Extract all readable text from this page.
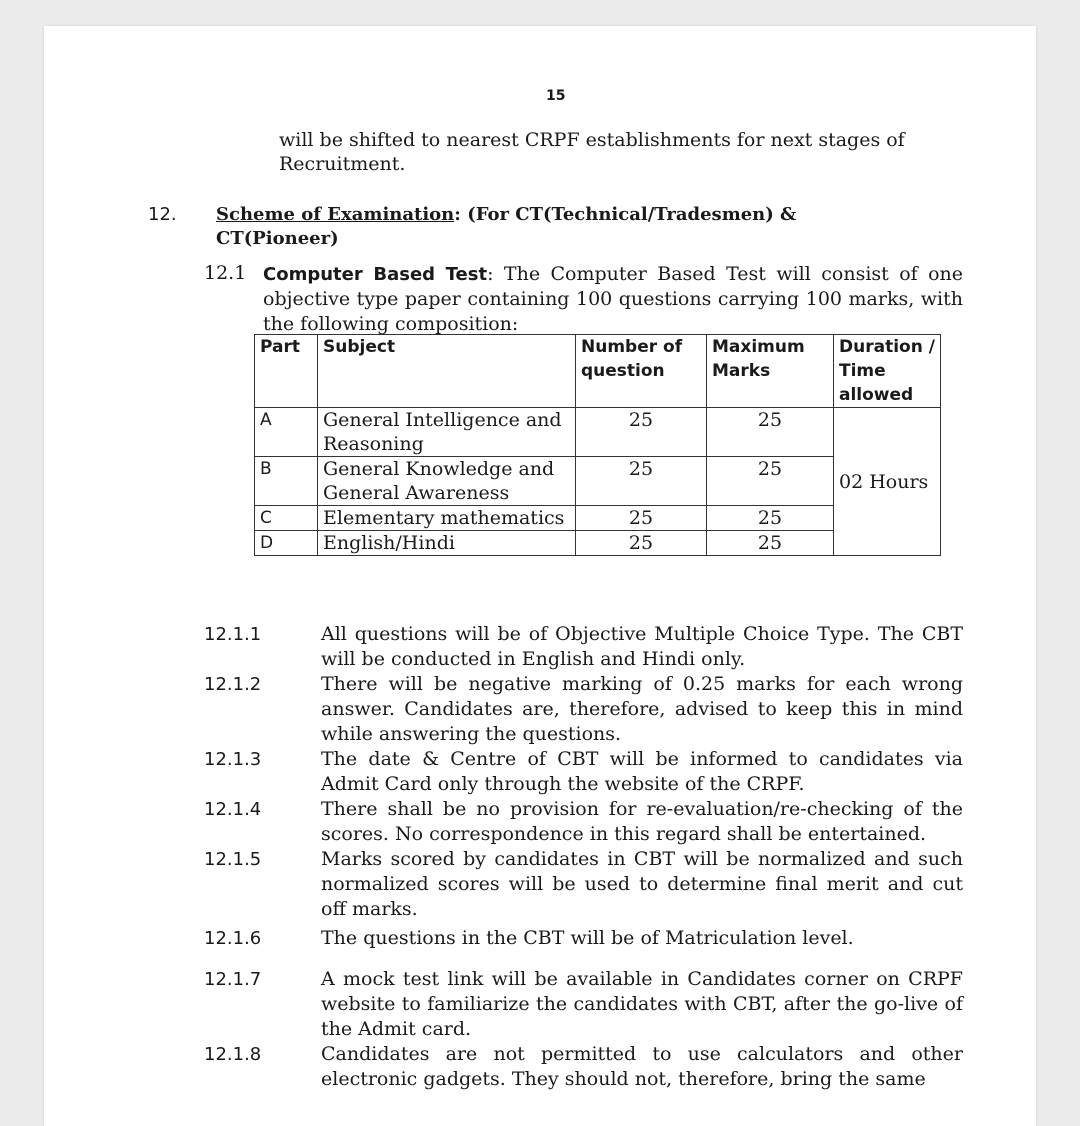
15
will be shifted to nearest CRPF establishments for next stages of Recruitment.
12. Scheme of Examination: (For CT(Technical/Tradesmen) & CT(Pioneer)
12.1 Computer Based Test: The Computer Based Test will consist of one objective type paper containing 100 questions carrying 100 marks, with the following composition:
Part	Subject	Number of question	Maximum Marks	Duration / Time allowed
A	General Intelligence and Reasoning	25	25	02 Hours
B	General Knowledge and General Awareness	25	25	
C	Elementary mathematics	25	25	
D	English/Hindi	25	25	
12.1.1	All questions will be of Objective Multiple Choice Type. The CBT will be conducted in English and Hindi only.
12.1.2	There will be negative marking of 0.25 marks for each wrong answer. Candidates are, therefore, advised to keep this in mind while answering the questions.
12.1.3	The date & Centre of CBT will be informed to candidates via Admit Card only through the website of the CRPF.
12.1.4	There shall be no provision for re-evaluation/re-checking of the scores. No correspondence in this regard shall be entertained.
12.1.5	Marks scored by candidates in CBT will be normalized and such normalized scores will be used to determine final merit and cut off marks.
12.1.6	The questions in the CBT will be of Matriculation level.
12.1.7	A mock test link will be available in Candidates corner on CRPF website to familiarize the candidates with CBT, after the go-live of the Admit card.
12.1.8	Candidates are not permitted to use calculators and other electronic gadgets. They should not, therefore, bring the same
